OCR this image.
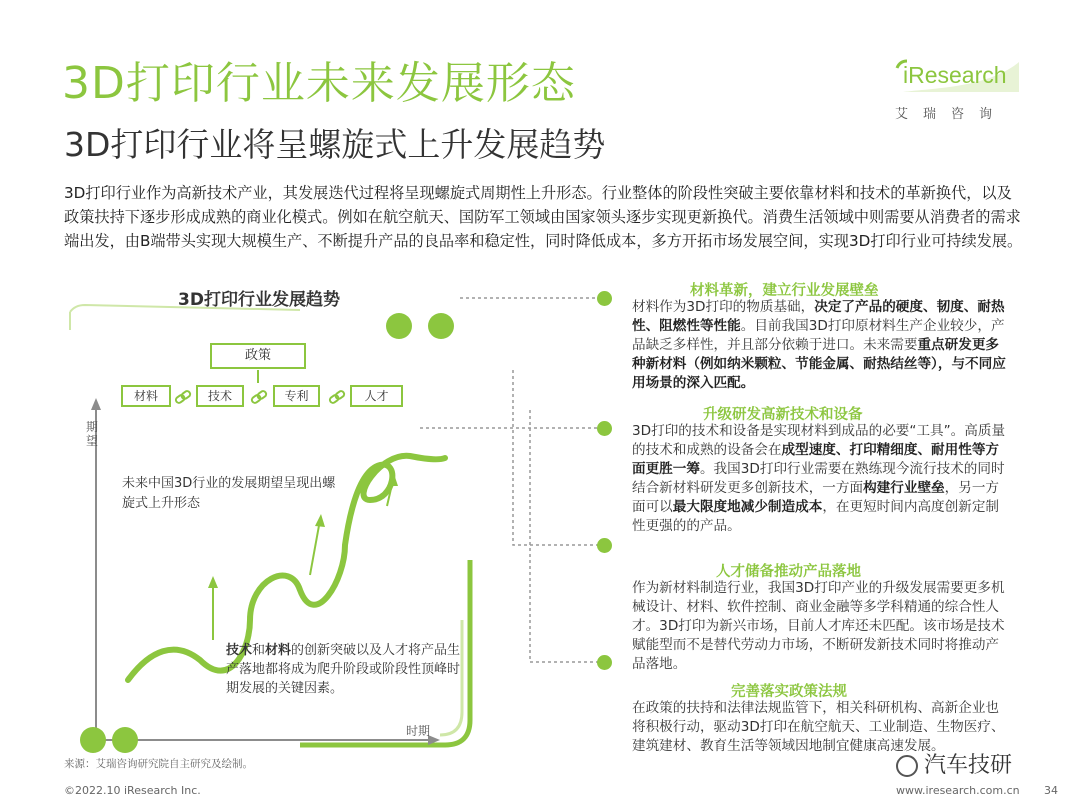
3D打印行业未来发展形态
3D打印行业将呈螺旋式上升发展趋势
iResearch
艾瑞咨询
3D打印行业作为高新技术产业，其发展迭代过程将呈现螺旋式周期性上升形态。行业整体的阶段性突破主要依靠材料和技术的革新换代，以及政策扶持下逐步形成成熟的商业化模式。例如在航空航天、国防军工领域由国家领头逐步实现更新换代。消费生活领域中则需要从消费者的需求端出发，由B端带头实现大规模生产、不断提升产品的良品率和稳定性，同时降低成本，多方开拓市场发展空间，实现3D打印行业可持续发展。
3D打印行业发展趋势
政策
材料	技术	专利	人才
期望
时期
未来中国3D行业的发展期望呈现出螺旋式上升形态
技术和材料的创新突破以及人才将产品生产落地都将成为爬升阶段或阶段性顶峰时期发展的关键因素。
来源：艾瑞咨询研究院自主研究及绘制。
材料革新，建立行业发展壁垒
材料作为3D打印的物质基础，决定了产品的硬度、韧度、耐热性、阻燃性等性能。目前我国3D打印原材料生产企业较少，产品缺乏多样性，并且部分依赖于进口。未来需要重点研发更多种新材料（例如纳米颗粒、节能金属、耐热结丝等），与不同应用场景的深入匹配。
升级研发高新技术和设备
3D打印的技术和设备是实现材料到成品的必要“工具”。高质量的技术和成熟的设备会在成型速度、打印精细度、耐用性等方面更胜一筹。我国3D打印行业需要在熟练现今流行技术的同时结合新材料研发更多创新技术，一方面构建行业壁垒，另一方面可以最大限度地减少制造成本，在更短时间内高度创新定制性更强的的产品。
人才储备推动产品落地
作为新材料制造行业，我国3D打印产业的升级发展需要更多机械设计、材料、软件控制、商业金融等多学科精通的综合性人才。3D打印为新兴市场，目前人才库还未匹配。该市场是技术赋能型而不是替代劳动力市场，不断研发新技术同时将推动产品落地。
完善落实政策法规
在政策的扶持和法律法规监管下，相关科研机构、高新企业也将积极行动，驱动3D打印在航空航天、工业制造、生物医疗、建筑建材、教育生活等领域因地制宜健康高速发展。
汽车技研
©2022.10 iResearch Inc.	www.iresearch.com.cn 34
